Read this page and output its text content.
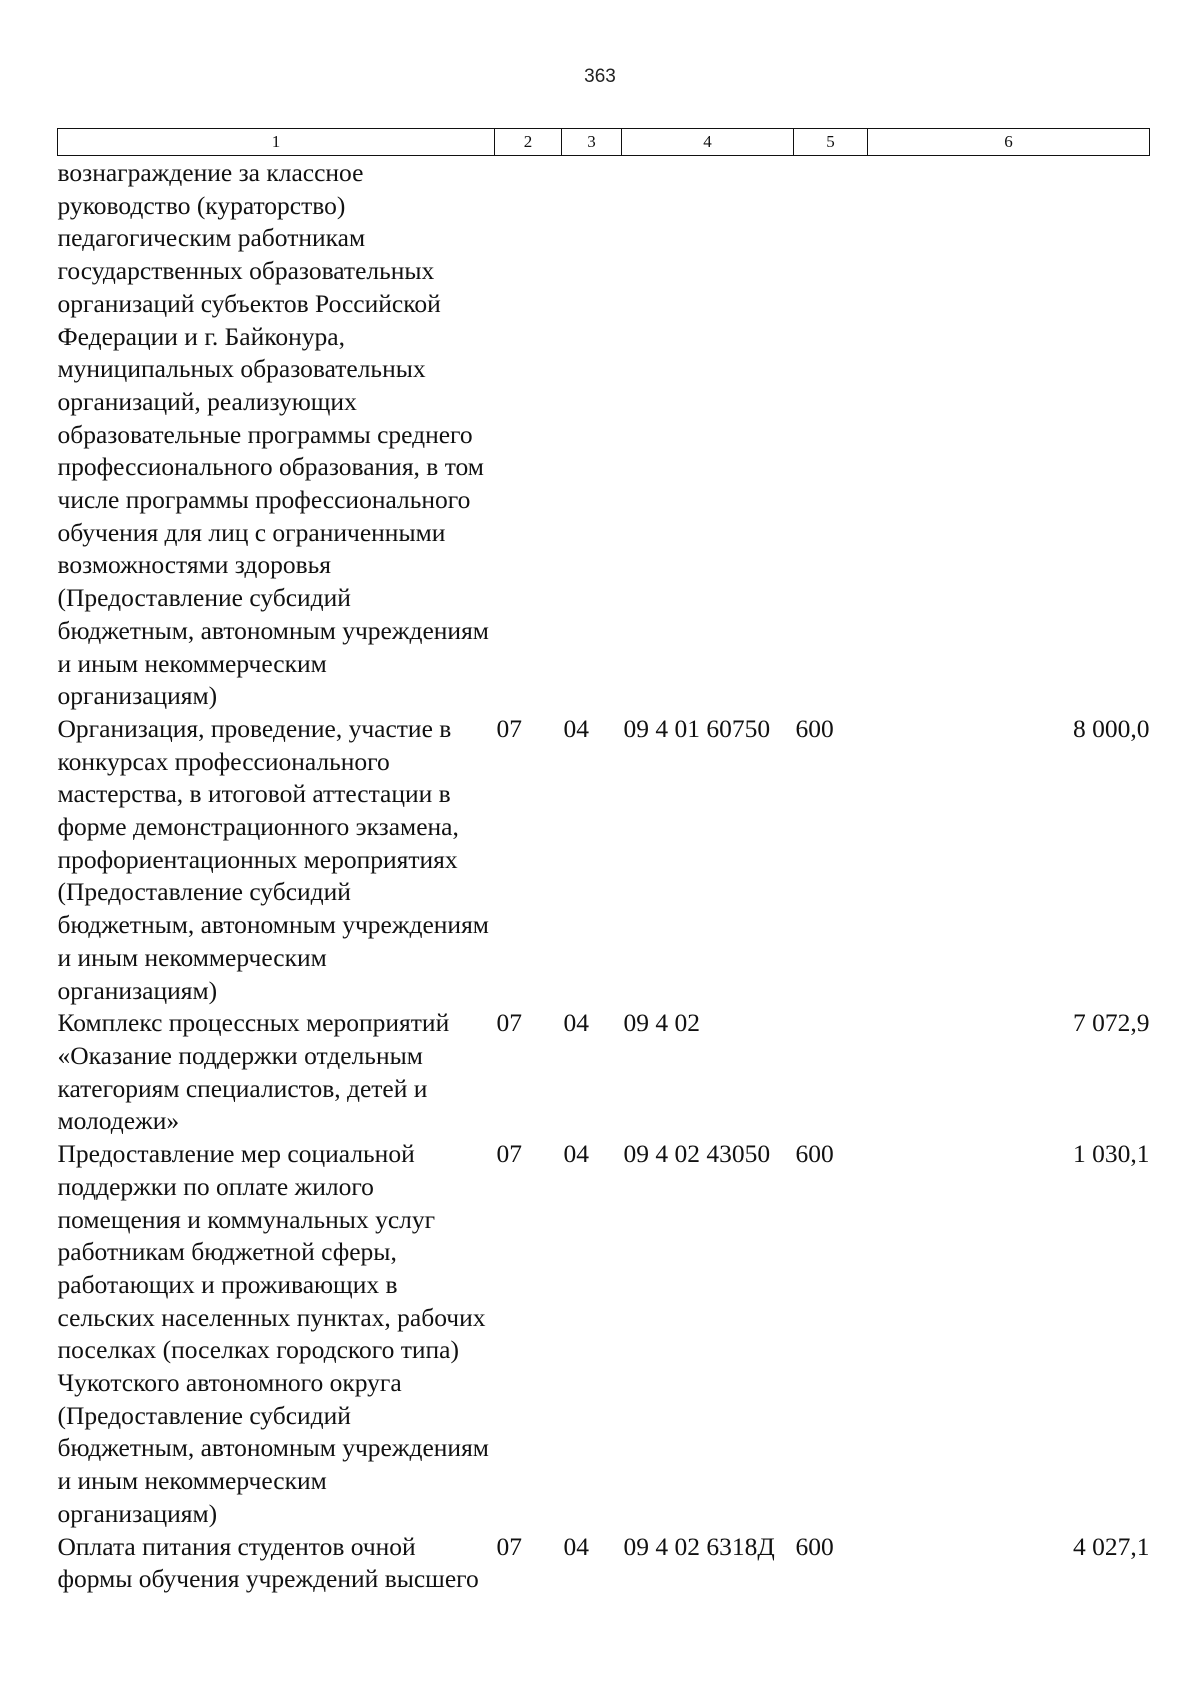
363
1	2	3	4	5	6
вознаграждение за классное руководство (кураторство) педагогическим работникам государственных образовательных организаций субъектов Российской Федерации и г. Байконура, муниципальных образовательных организаций, реализующих образовательные программы среднего профессионального образования, в том числе программы профессионального обучения для лиц с ограниченными возможностями здоровья (Предоставление субсидий бюджетным, автономным учреждениям и иным некоммерческим организациям)					
Организация, проведение, участие в конкурсах профессионального мастерства, в итоговой аттестации в форме демонстрационного экзамена, профориентационных мероприятиях (Предоставление субсидий бюджетным, автономным учреждениям и иным некоммерческим организациям)	07	04	09 4 01 60750	600	8 000,0
Комплекс процессных мероприятий «Оказание поддержки отдельным категориям специалистов, детей и молодежи»	07	04	09 4 02		7 072,9
Предоставление мер социальной поддержки по оплате жилого помещения и коммунальных услуг работникам бюджетной сферы, работающих и проживающих в сельских населенных пунктах, рабочих поселках (поселках городского типа) Чукотского автономного округа (Предоставление субсидий бюджетным, автономным учреждениям и иным некоммерческим организациям)	07	04	09 4 02 43050	600	1 030,1
Оплата питания студентов очной формы обучения учреждений высшего	07	04	09 4 02 6318Д	600	4 027,1
